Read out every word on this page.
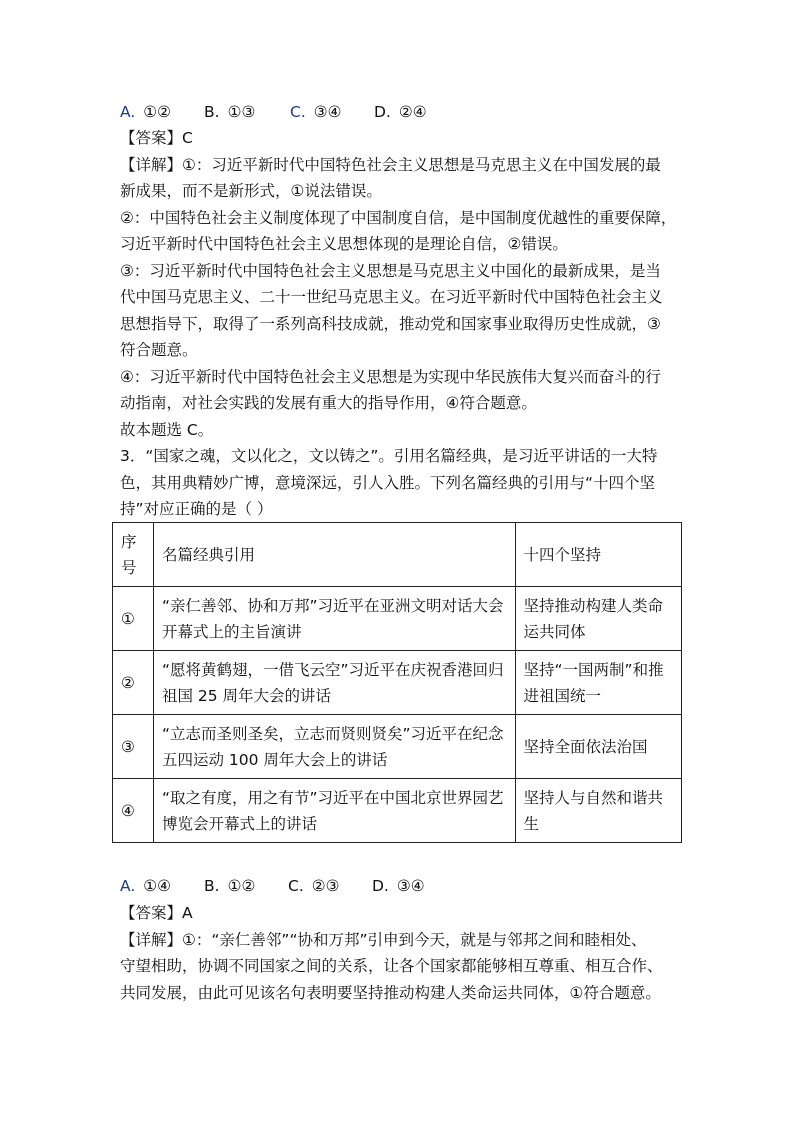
A. ①②	B. ①③	C. ③④	D. ②④
【答案】C
【详解】①：习近平新时代中国特色社会主义思想是马克思主义在中国发展的最
新成果，而不是新形式，①说法错误。
②：中国特色社会主义制度体现了中国制度自信，是中国制度优越性的重要保障，
习近平新时代中国特色社会主义思想体现的是理论自信，②错误。
③：习近平新时代中国特色社会主义思想是马克思主义中国化的最新成果，是当
代中国马克思主义、二十一世纪马克思主义。在习近平新时代中国特色社会主义
思想指导下，取得了一系列高科技成就，推动党和国家事业取得历史性成就，③
符合题意。
④：习近平新时代中国特色社会主义思想是为实现中华民族伟大复兴而奋斗的行
动指南，对社会实践的发展有重大的指导作用，④符合题意。
故本题选 C。
3．“国家之魂，文以化之，文以铸之”。引用名篇经典，是习近平讲话的一大特
色，其用典精妙广博，意境深远，引人入胜。下列名篇经典的引用与“十四个坚
持”对应正确的是（ ）
序号	名篇经典引用	十四个坚持
①	“亲仁善邻、协和万邦”习近平在亚洲文明对话大会开幕式上的主旨演讲	坚持推动构建人类命运共同体
②	“愿将黄鹤翅，一借飞云空”习近平在庆祝香港回归祖国 25 周年大会的讲话	坚持“一国两制”和推进祖国统一
③	“立志而圣则圣矣，立志而贤则贤矣”习近平在纪念五四运动 100 周年大会上的讲话	坚持全面依法治国
④	“取之有度，用之有节”习近平在中国北京世界园艺博览会开幕式上的讲话	坚持人与自然和谐共生
A. ①④	B. ①②	C. ②③	D. ③④
【答案】A
【详解】①：“亲仁善邻”“协和万邦”引申到今天，就是与邻邦之间和睦相处、
守望相助，协调不同国家之间的关系，让各个国家都能够相互尊重、相互合作、
共同发展，由此可见该名句表明要坚持推动构建人类命运共同体，①符合题意。
